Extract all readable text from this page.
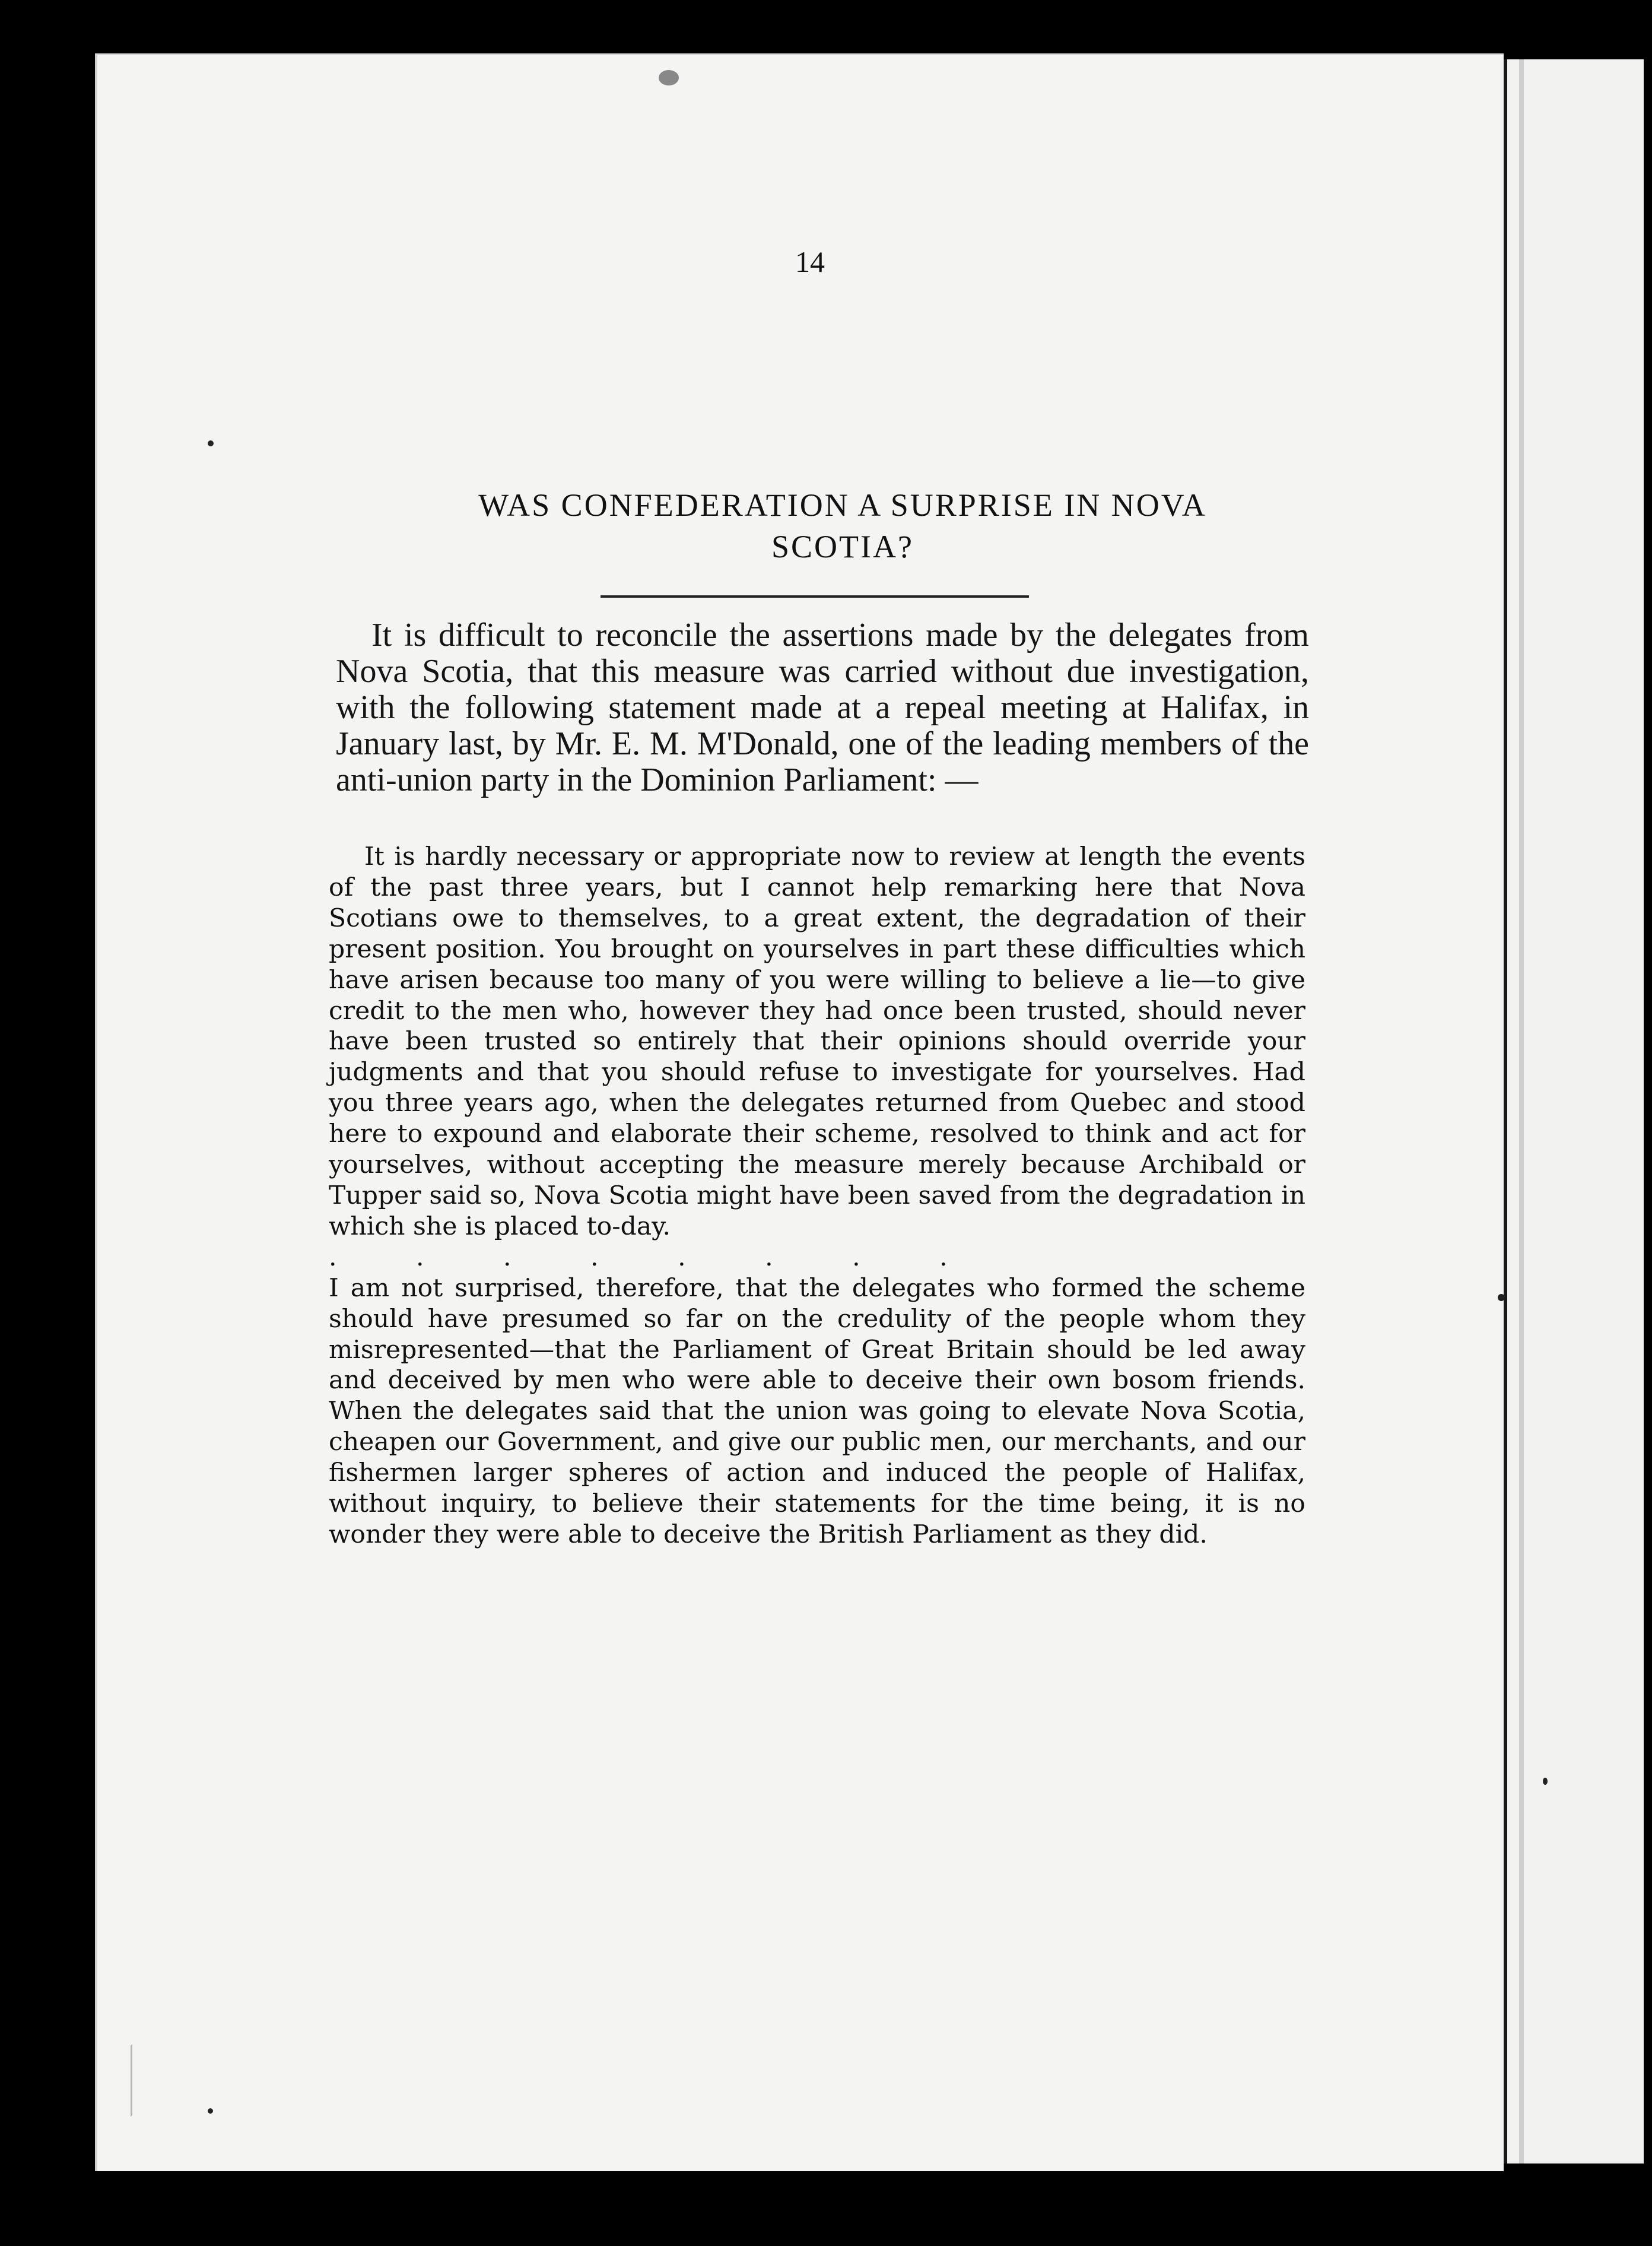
14
WAS CONFEDERATION A SURPRISE IN NOVA
SCOTIA?

It is difficult to reconcile the assertions made by the delegates from Nova Scotia, that this measure was carried without due investigation, with the following statement made at a repeal meeting at Halifax, in January last, by Mr. E. M. M'Donald, one of the leading members of the anti-union party in the Dominion Parliament: —

It is hardly necessary or appropriate now to review at length the events of the past three years, but I cannot help remarking here that Nova Scotians owe to themselves, to a great extent, the degradation of their present position. You brought on yourselves in part these difficulties which have arisen because too many of you were willing to believe a lie—to give credit to the men who, however they had once been trusted, should never have been trusted so entirely that their opinions should override your judgments and that you should refuse to investigate for yourselves. Had you three years ago, when the delegates returned from Quebec and stood here to expound and elaborate their scheme, resolved to think and act for yourselves, without accepting the measure merely because Archibald or Tupper said so, Nova Scotia might have been saved from the degradation in which she is placed to-day.

. . . . . . . .

I am not surprised, therefore, that the delegates who formed the scheme should have presumed so far on the credulity of the people whom they misrepresented—that the Parliament of Great Britain should be led away and deceived by men who were able to deceive their own bosom friends. When the delegates said that the union was going to elevate Nova Scotia, cheapen our Government, and give our public men, our merchants, and our fishermen larger spheres of action and induced the people of Halifax, without inquiry, to believe their statements for the time being, it is no wonder they were able to deceive the British Parliament as they did.
